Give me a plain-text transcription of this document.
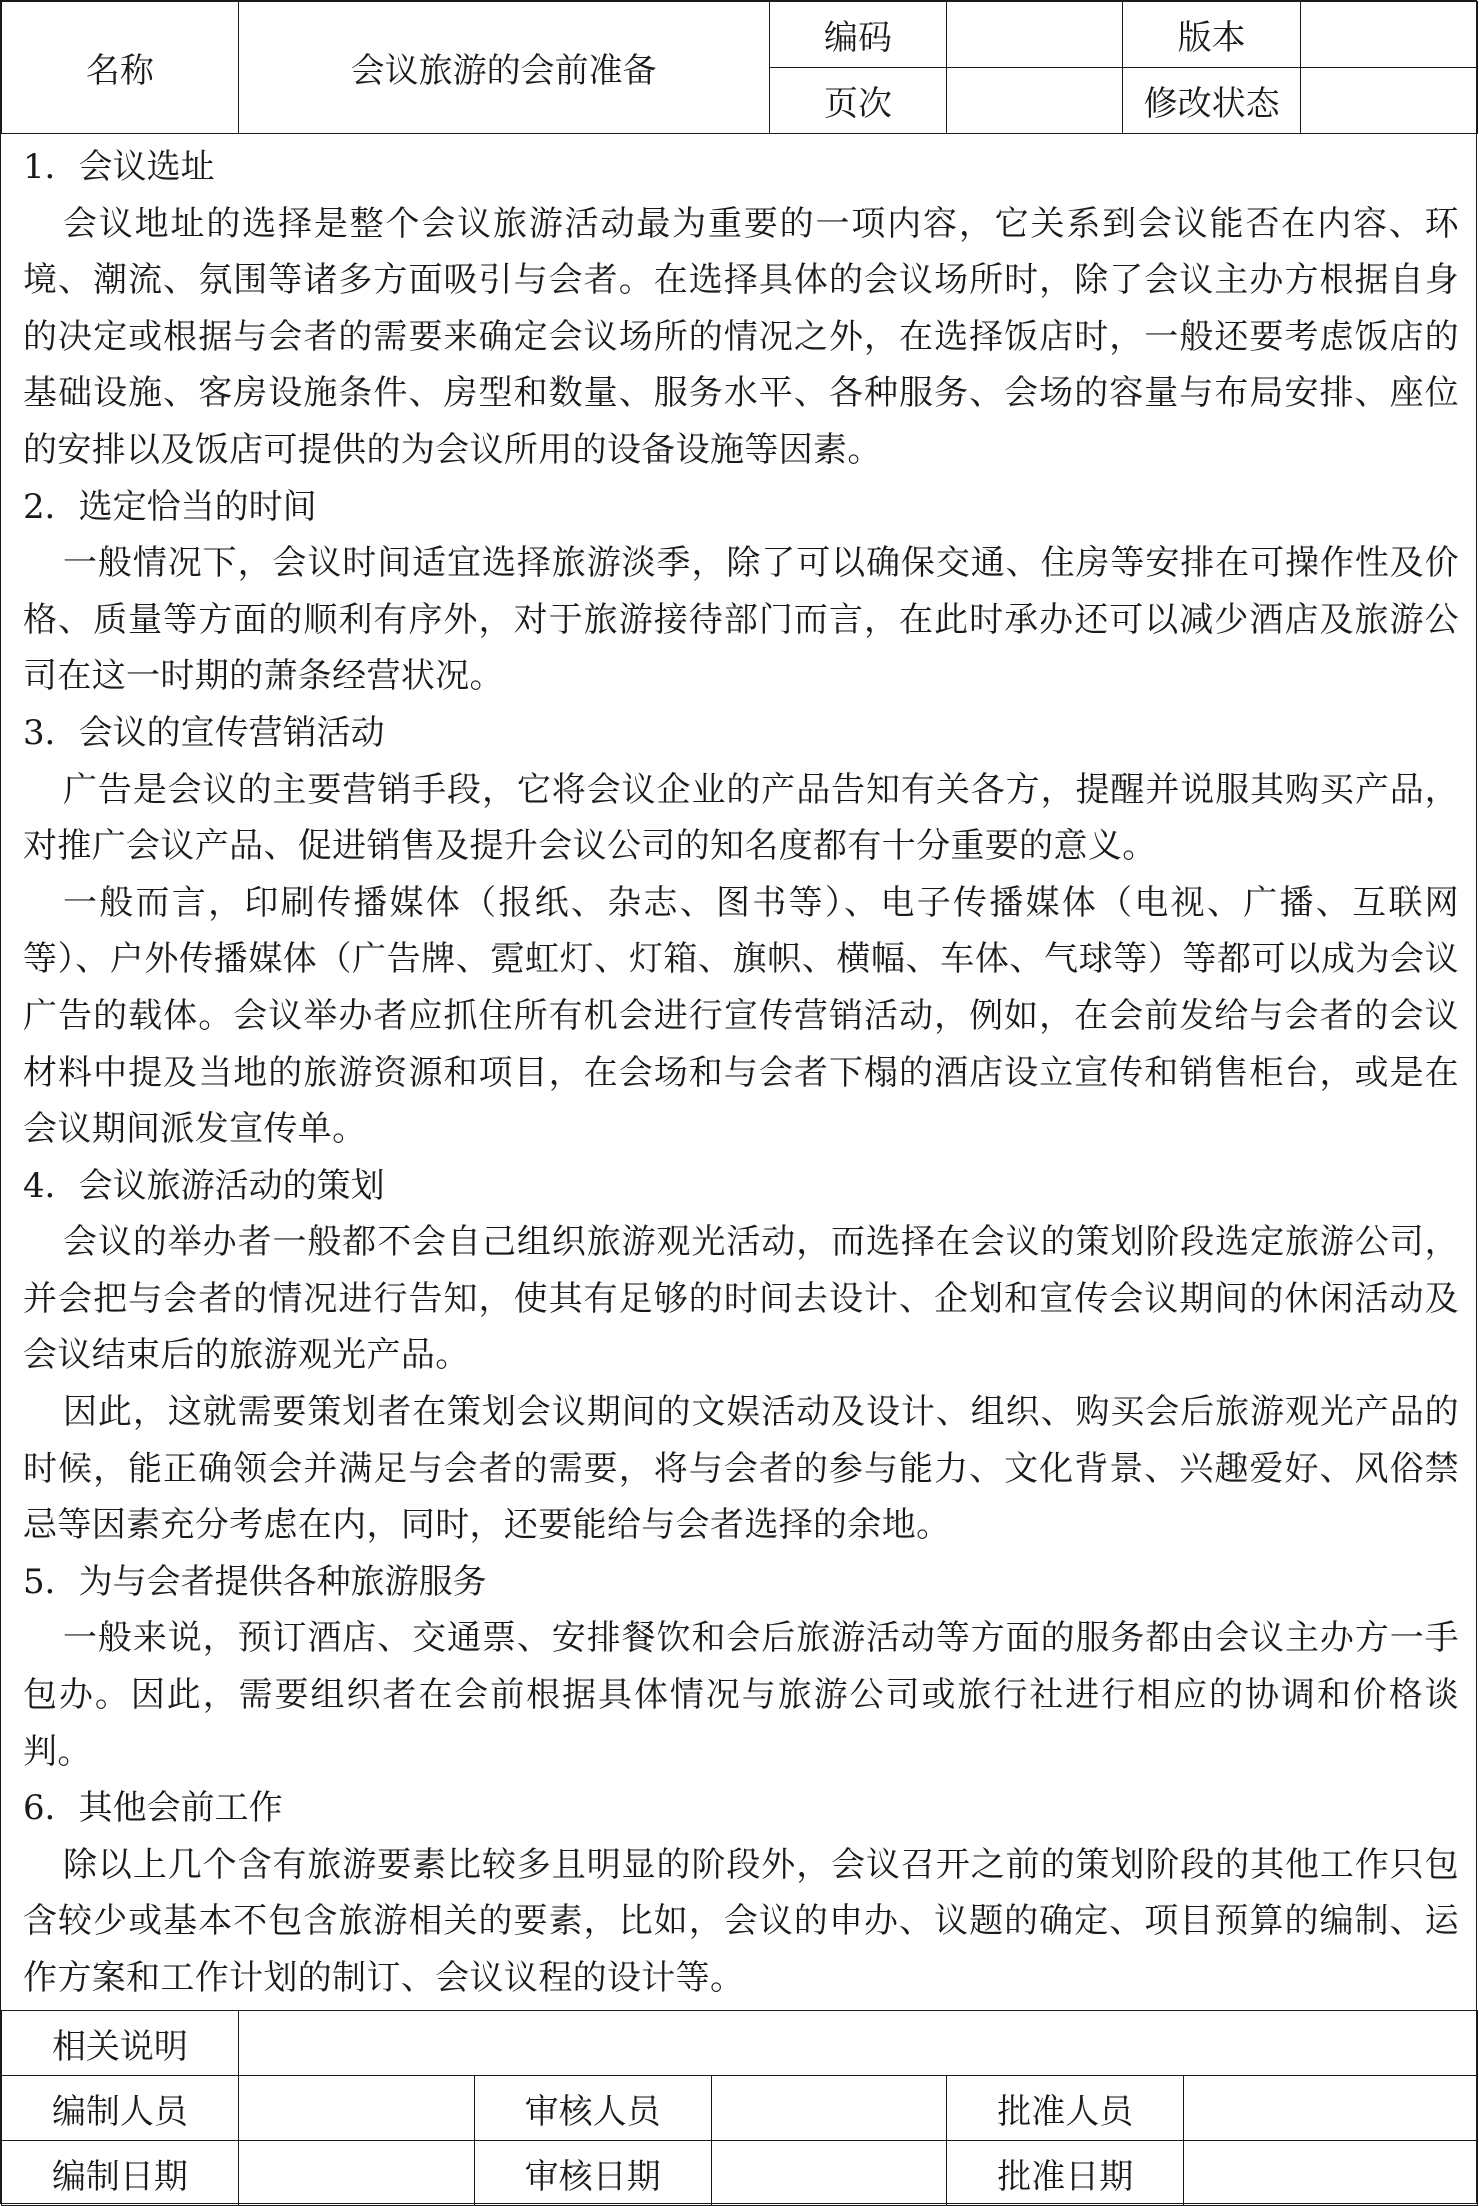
名称	会议旅游的会前准备	编码		版本	
		页次		修改状态	

1．会议选址

会议地址的选择是整个会议旅游活动最为重要的一项内容，它关系到会议能否在内容、环境、潮流、氛围等诸多方面吸引与会者。在选择具体的会议场所时，除了会议主办方根据自身的决定或根据与会者的需要来确定会议场所的情况之外，在选择饭店时，一般还要考虑饭店的基础设施、客房设施条件、房型和数量、服务水平、各种服务、会场的容量与布局安排、座位的安排以及饭店可提供的为会议所用的设备设施等因素。

2．选定恰当的时间

一般情况下，会议时间适宜选择旅游淡季，除了可以确保交通、住房等安排在可操作性及价格、质量等方面的顺利有序外，对于旅游接待部门而言，在此时承办还可以减少酒店及旅游公司在这一时期的萧条经营状况。

3．会议的宣传营销活动

广告是会议的主要营销手段，它将会议企业的产品告知有关各方，提醒并说服其购买产品，对推广会议产品、促进销售及提升会议公司的知名度都有十分重要的意义。

一般而言，印刷传播媒体（报纸、杂志、图书等）、电子传播媒体（电视、广播、互联网等）、户外传播媒体（广告牌、霓虹灯、灯箱、旗帜、横幅、车体、气球等）等都可以成为会议广告的载体。会议举办者应抓住所有机会进行宣传营销活动，例如，在会前发给与会者的会议材料中提及当地的旅游资源和项目，在会场和与会者下榻的酒店设立宣传和销售柜台，或是在会议期间派发宣传单。

4．会议旅游活动的策划

会议的举办者一般都不会自己组织旅游观光活动，而选择在会议的策划阶段选定旅游公司，并会把与会者的情况进行告知，使其有足够的时间去设计、企划和宣传会议期间的休闲活动及会议结束后的旅游观光产品。

因此，这就需要策划者在策划会议期间的文娱活动及设计、组织、购买会后旅游观光产品的时候，能正确领会并满足与会者的需要，将与会者的参与能力、文化背景、兴趣爱好、风俗禁忌等因素充分考虑在内，同时，还要能给与会者选择的余地。

5．为与会者提供各种旅游服务

一般来说，预订酒店、交通票、安排餐饮和会后旅游活动等方面的服务都由会议主办方一手包办。因此，需要组织者在会前根据具体情况与旅游公司或旅行社进行相应的协调和价格谈判。

6．其他会前工作

除以上几个含有旅游要素比较多且明显的阶段外，会议召开之前的策划阶段的其他工作只包含较少或基本不包含旅游相关的要素，比如，会议的申办、议题的确定、项目预算的编制、运作方案和工作计划的制订、会议议程的设计等。

相关说明					
编制人员		审核人员		批准人员	
编制日期		审核日期		批准日期	
